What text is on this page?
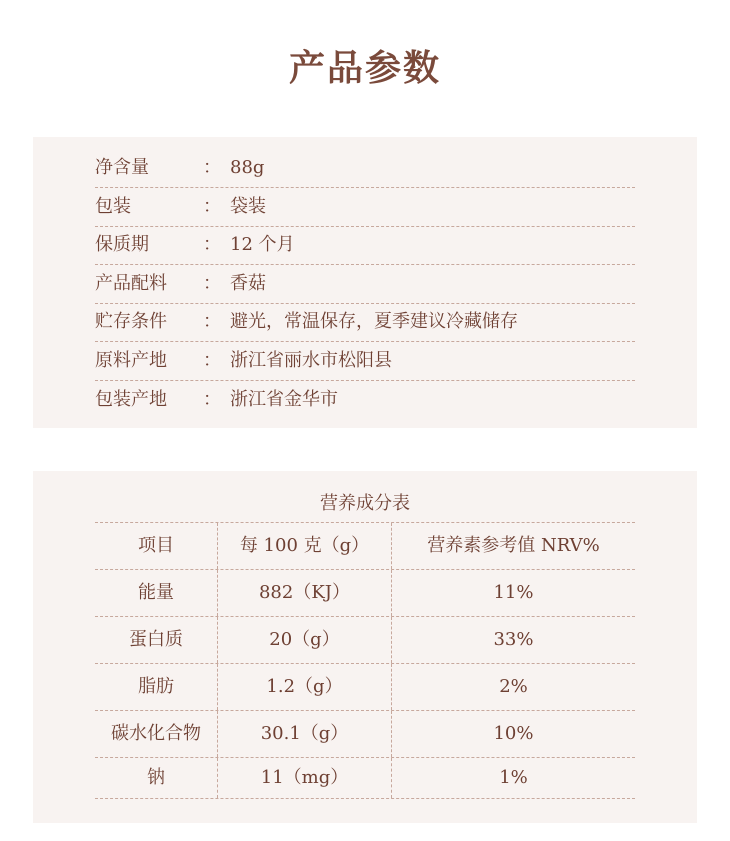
产品参数
净含量	： 88g
包装	： 袋装
保质期	： 12 个月
产品配料 ： 香菇
贮存条件 ： 避光，常温保存，夏季建议冷藏储存
原料产地 ： 浙江省丽水市松阳县
包装产地 ： 浙江省金华市
营养成分表
项目	每 100 克（g）	营养素参考值 NRV%
能量	882（KJ）	11%
蛋白质	20（g）	33%
脂肪	1.2（g）	2%
碳水化合物	30.1（g）	10%
钠	11（mg）	1%
